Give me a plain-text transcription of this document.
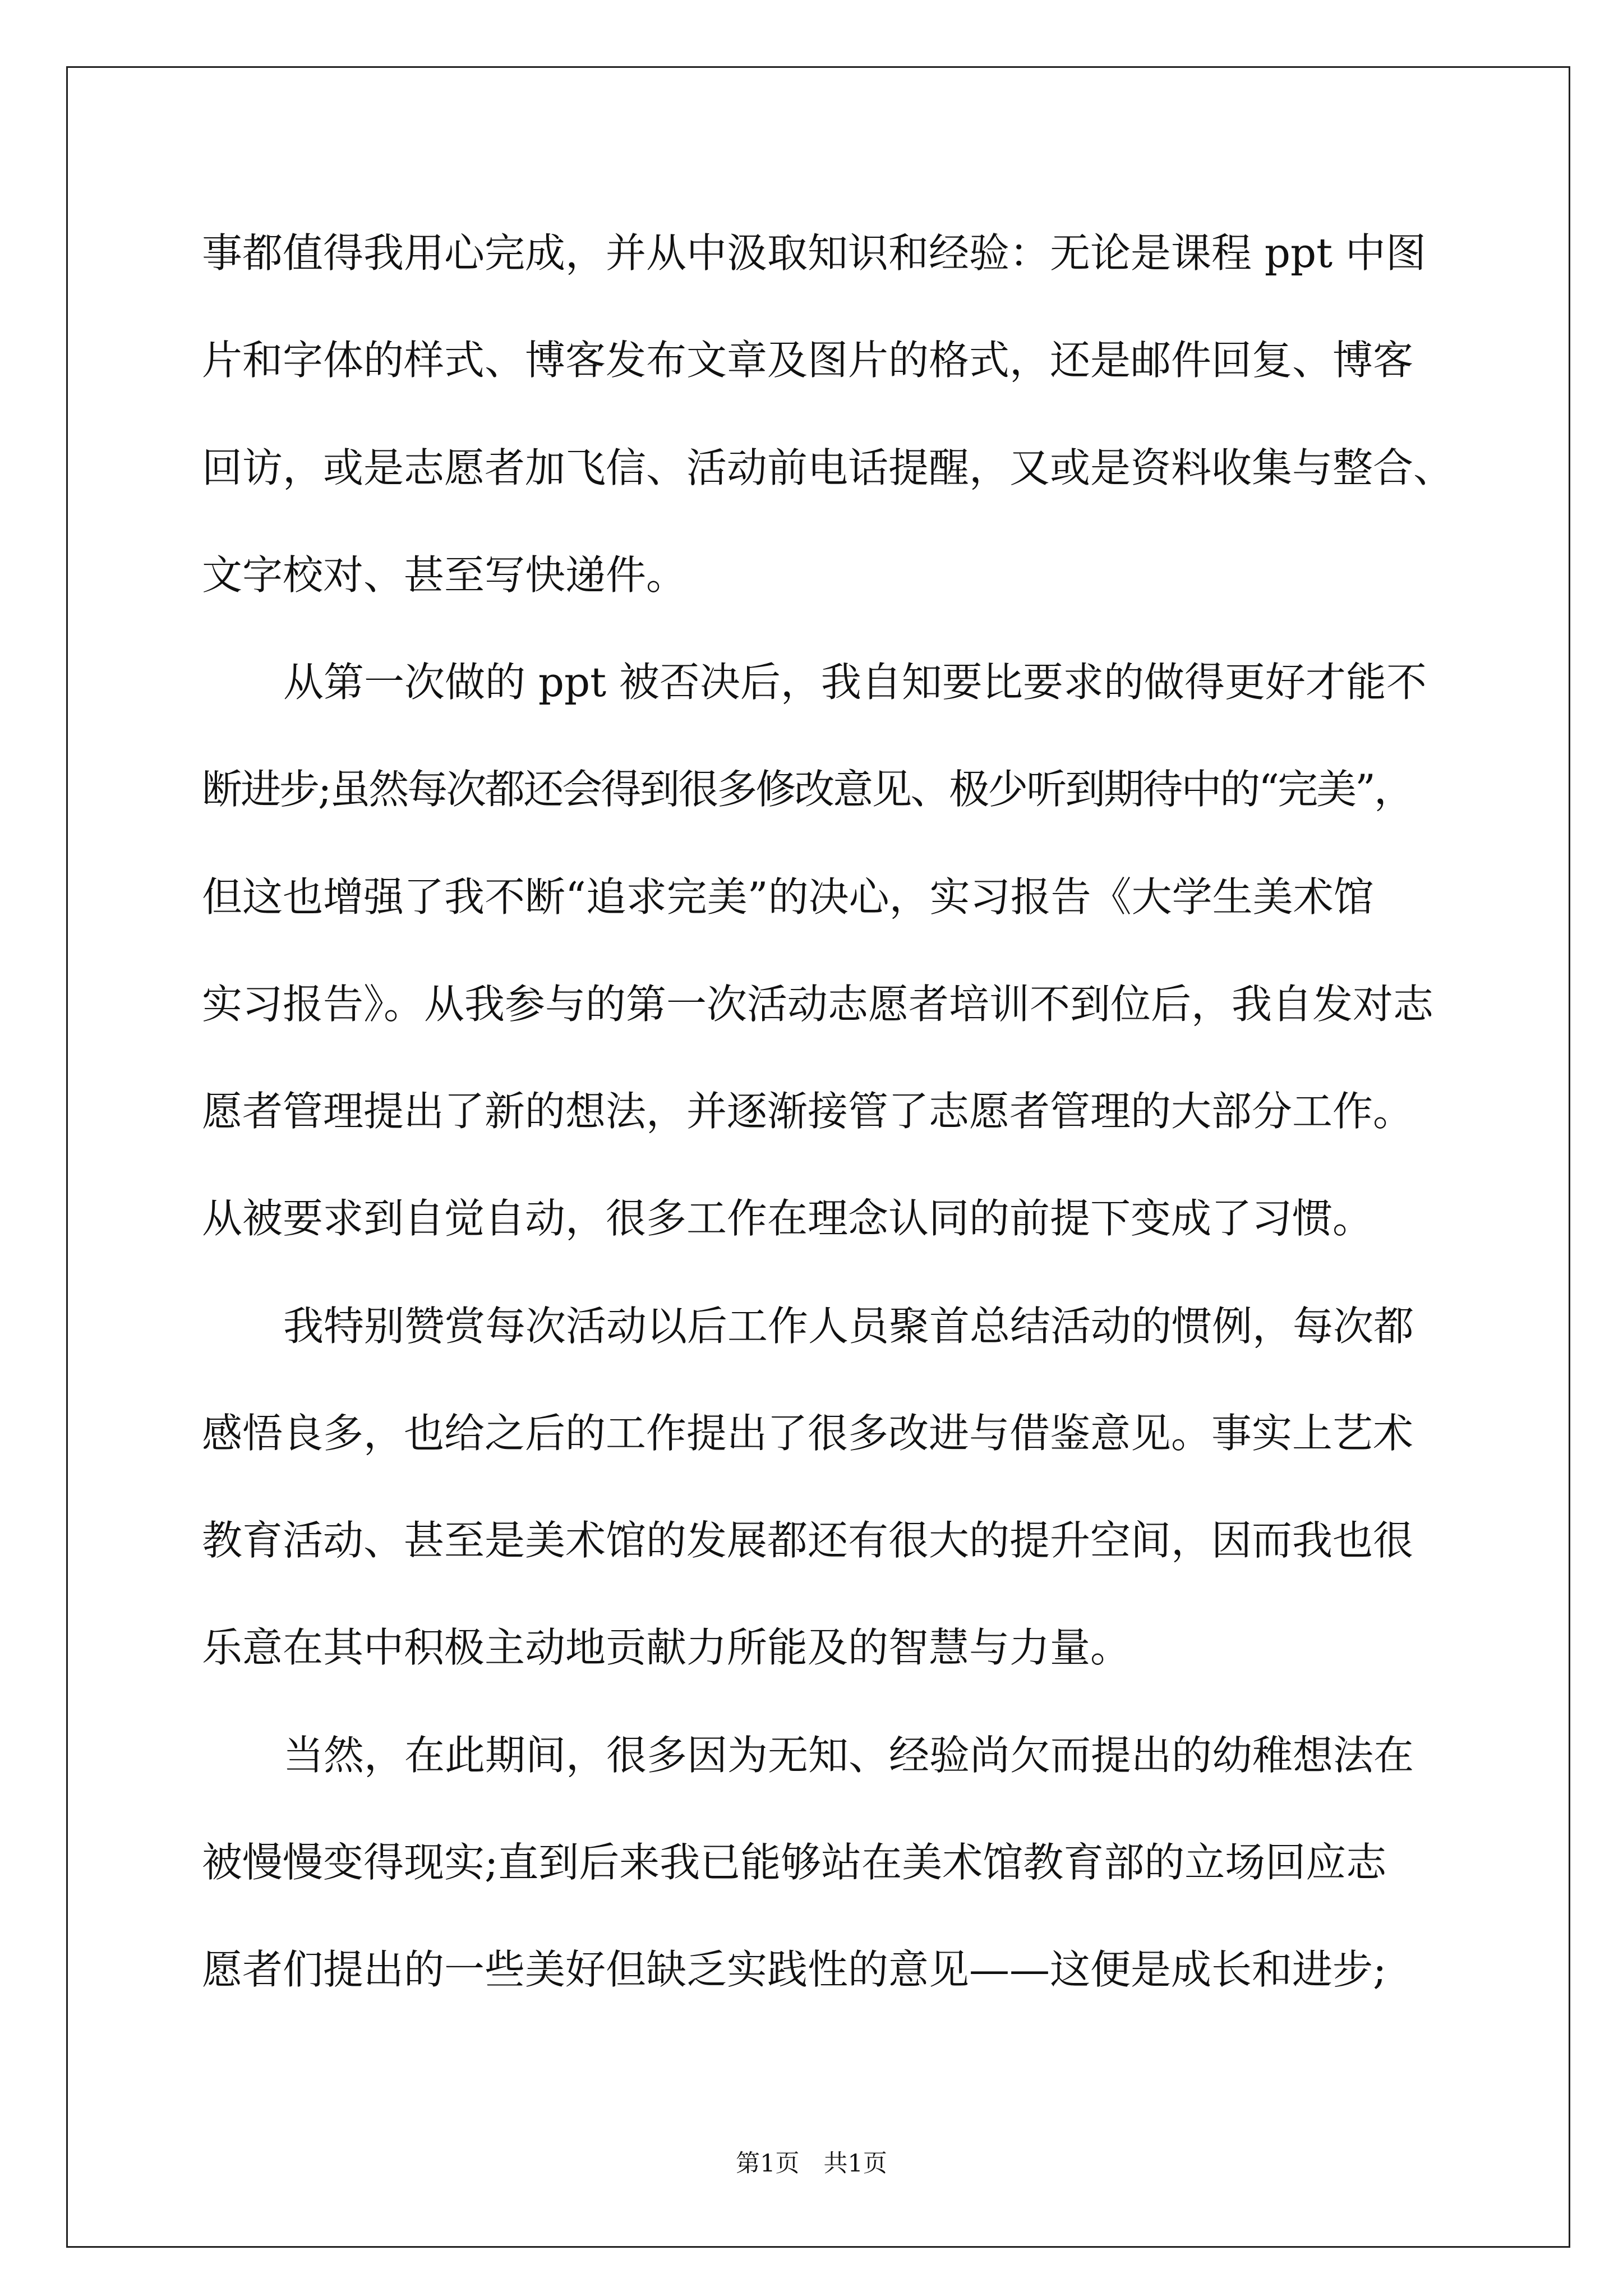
事都值得我用心完成，并从中汲取知识和经验：无论是课程 ppt 中图
片和字体的样式、博客发布文章及图片的格式，还是邮件回复、博客
回访，或是志愿者加飞信、活动前电话提醒，又或是资料收集与整合、
文字校对、甚至写快递件。
从第一次做的 ppt 被否决后，我自知要比要求的做得更好才能不
断进步;虽然每次都还会得到很多修改意见、极少听到期待中的“完美”，
但这也增强了我不断“追求完美”的决心，实习报告《大学生美术馆
实习报告》。从我参与的第一次活动志愿者培训不到位后，我自发对志
愿者管理提出了新的想法，并逐渐接管了志愿者管理的大部分工作。
从被要求到自觉自动，很多工作在理念认同的前提下变成了习惯。
我特别赞赏每次活动以后工作人员聚首总结活动的惯例，每次都
感悟良多，也给之后的工作提出了很多改进与借鉴意见。事实上艺术
教育活动、甚至是美术馆的发展都还有很大的提升空间，因而我也很
乐意在其中积极主动地贡献力所能及的智慧与力量。
当然，在此期间，很多因为无知、经验尚欠而提出的幼稚想法在
被慢慢变得现实;直到后来我已能够站在美术馆教育部的立场回应志
愿者们提出的一些美好但缺乏实践性的意见——这便是成长和进步;
第1页　共1页
